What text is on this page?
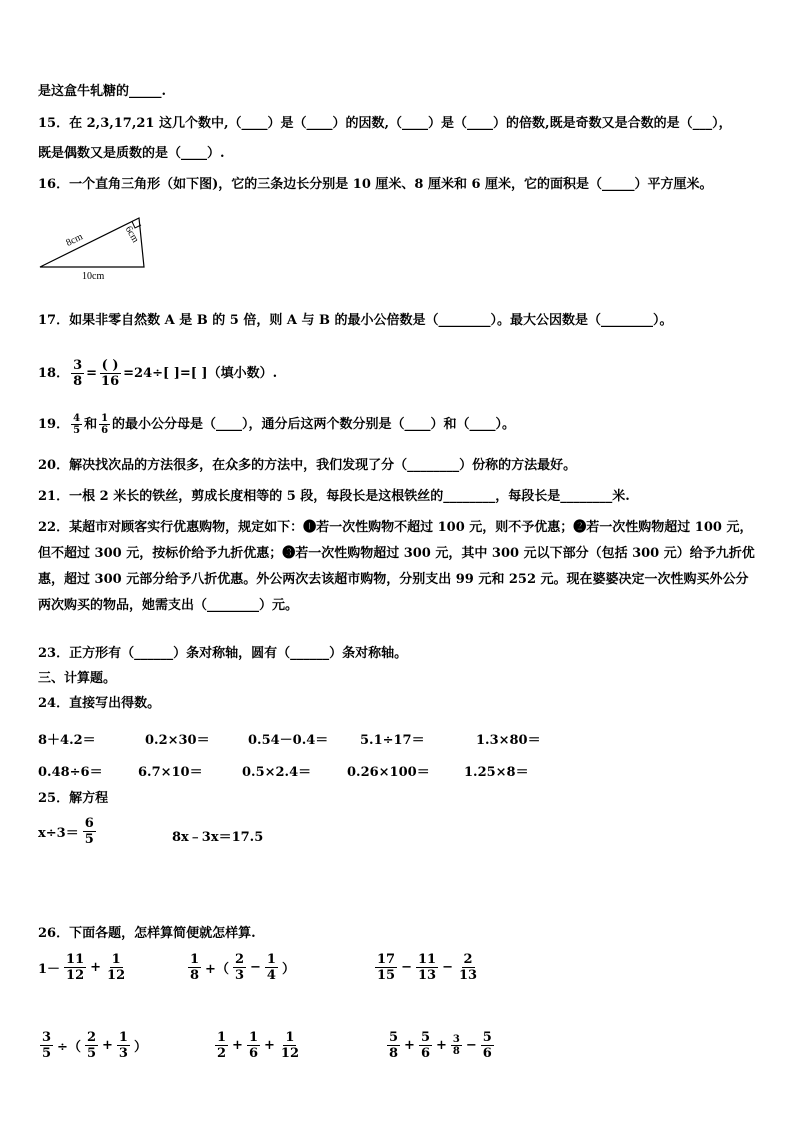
是这盒牛轧糖的_____.
15．在 2,3,17,21 这几个数中,（____）是（____）的因数,（____）是（____）的倍数,既是奇数又是合数的是（___），
既是偶数又是质数的是（____）.
16．一个直角三角形（如下图)，它的三条边长分别是 10 厘米、8 厘米和 6 厘米，它的面积是（_____）平方厘米。
8cm	6cm
10cm
17．如果非零自然数 A 是 B 的 5 倍，则 A 与 B 的最小公倍数是（________）。最大公因数是（________）。
18． $\frac{3}{8} = \frac{( )}{16} =24\div$[ ]=[ ]（填小数）.
19． $\frac{4}{5}$ 和 $\frac{1}{6}$ 的最小公分母是（____），通分后这两个数分别是（____）和（____）。
20．解决找次品的方法很多，在众多的方法中，我们发现了分（________）份称的方法最好。
21．一根 2 米长的铁丝，剪成长度相等的 5 段，每段长是这根铁丝的________，每段长是________米.
22．某超市对顾客实行优惠购物，规定如下：❶若一次性购物不超过 100 元，则不予优惠；❷若一次性购物超过 100 元，但不超过 300 元，按标价给予九折优惠；❸若一次性购物超过 300 元，其中 300 元以下部分（包括 300 元）给予九折优惠，超过 300 元部分给予八折优惠。外公两次去该超市购物，分别支出 99 元和 252 元。现在婆婆决定一次性购买外公分两次购买的物品，她需支出（________）元。
23．正方形有（______）条对称轴，圆有（______）条对称轴。
三、计算题。
24．直接写出得数。
8＋4.2＝	0.2×30＝	0.54－0.4＝ 5.1÷17＝	1.3×80＝
0.48÷6＝	6.7×10＝	0.5×2.4＝	0.26×100＝	1.25×8＝
25．解方程
$x\div 3= \frac{6}{5}$	8x﹣3x＝17.5
26．下面各题，怎样算简便就怎样算.
$1- \frac{11}{12} + \frac{1}{12}$	$\frac{1}{8}$ +（ $\frac{2}{3} - \frac{1}{4}$ ）	$\frac{17}{15} - \frac{11}{13} - \frac{2}{13}$
$\frac{3}{5}$ ÷（ $\frac{2}{5} + \frac{1}{3}$ ）	$\frac{1}{2} + \frac{1}{6} + \frac{1}{12}$	$\frac{5}{8} + \frac{5}{6} + \frac{3}{8} - \frac{5}{6}$
